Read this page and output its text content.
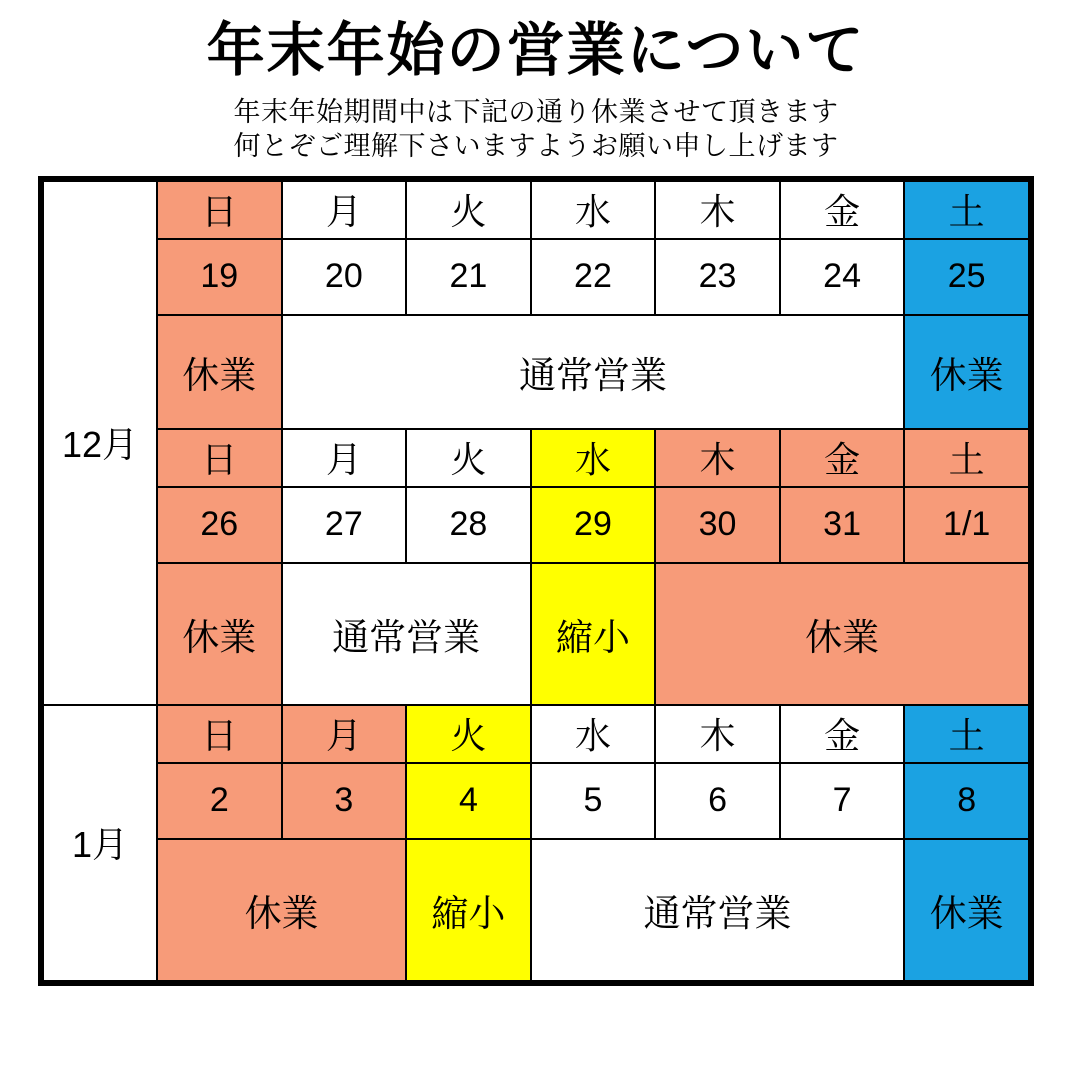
年末年始の営業について
年末年始期間中は下記の通り休業させて頂きます
何とぞご理解下さいますようお願い申し上げます
12月	日	月	火	水	木	金	土
	19	20	21	22	23	24	25
	休業	通常営業					休業
	日	月	火	水	木	金	土
	26	27	28	29	30	31	1/1
	休業	通常営業		縮小	休業		
1月	日	月	火	水	木	金	土
	2	3	4	5	6	7	8
	休業		縮小	通常営業			休業
